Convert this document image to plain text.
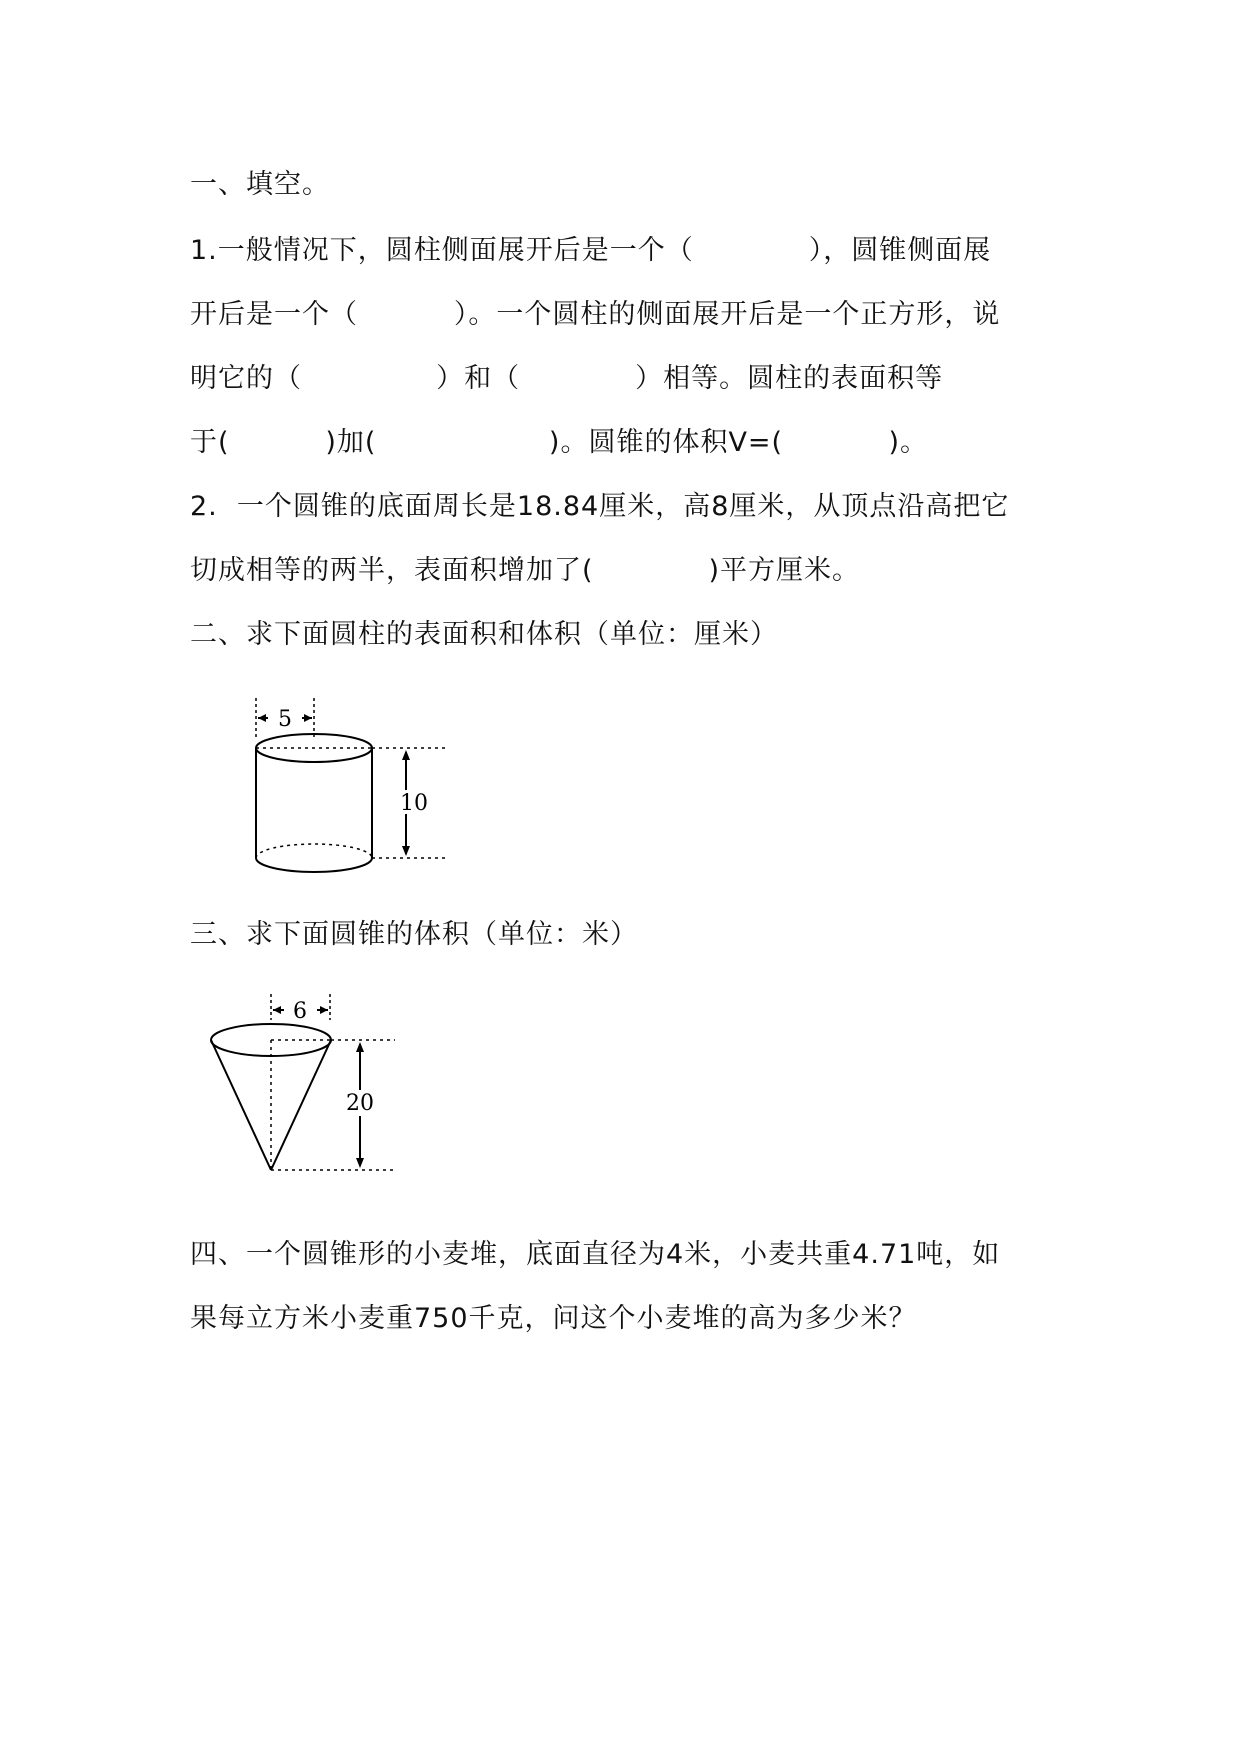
一、填空。
1.一般情况下，圆柱侧面展开后是一个（            ），圆锥侧面展
开后是一个（          ）。一个圆柱的侧面展开后是一个正方形，说
明它的（              ）和（            ）相等。圆柱的表面积等
于(          )加(                  )。圆锥的体积V=(           )。
2.  一个圆锥的底面周长是18.84厘米，高8厘米，从顶点沿高把它
切成相等的两半，表面积增加了(            )平方厘米。
二、求下面圆柱的表面积和体积（单位：厘米）
5
10
三、求下面圆锥的体积（单位：米）
6
20
四、一个圆锥形的小麦堆，底面直径为4米，小麦共重4.71吨，如
果每立方米小麦重750千克，问这个小麦堆的高为多少米？
